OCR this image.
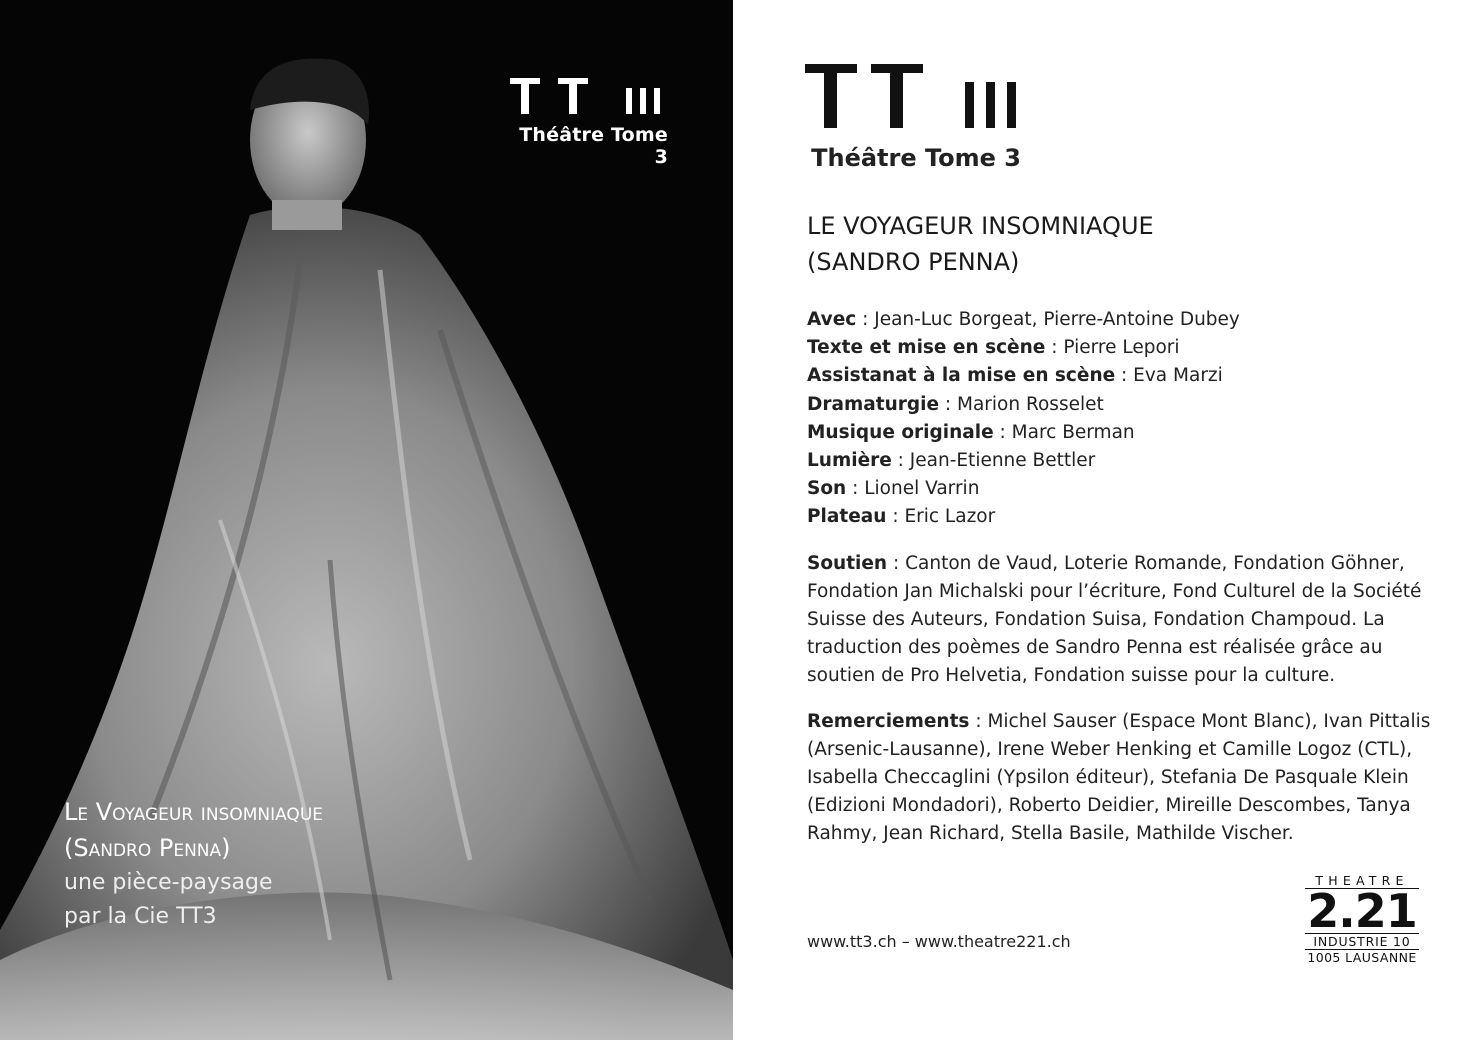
Théâtre Tome 3
Le Voyageur insomniaque
(Sandro Penna)
une pièce-paysage
par la Cie TT3
Théâtre Tome 3
LE VOYAGEUR INSOMNIAQUE
(SANDRO PENNA)
Avec : Jean-Luc Borgeat, Pierre-Antoine Dubey
Texte et mise en scène : Pierre Lepori
Assistanat à la mise en scène : Eva Marzi
Dramaturgie : Marion Rosselet
Musique originale : Marc Berman
Lumière : Jean-Etienne Bettler
Son : Lionel Varrin
Plateau : Eric Lazor
Soutien : Canton de Vaud, Loterie Romande, Fondation Göhner, Fondation Jan Michalski pour l’écriture, Fond Culturel de la Société Suisse des Auteurs, Fondation Suisa, Fondation Champoud. La traduction des poèmes de Sandro Penna est réalisée grâce au soutien de Pro Helvetia, Fondation suisse pour la culture.
Remerciements : Michel Sauser (Espace Mont Blanc), Ivan Pittalis (Arsenic-Lausanne), Irene Weber Henking et Camille Logoz (CTL), Isabella Checcaglini (Ypsilon éditeur), Stefania De Pasquale Klein (Edizioni Mondadori), Roberto Deidier, Mireille Descombes, Tanya Rahmy, Jean Richard, Stella Basile, Mathilde Vischer.
www.tt3.ch – www.theatre221.ch
THEATRE
2.21
INDUSTRIE 10
1005 LAUSANNE
